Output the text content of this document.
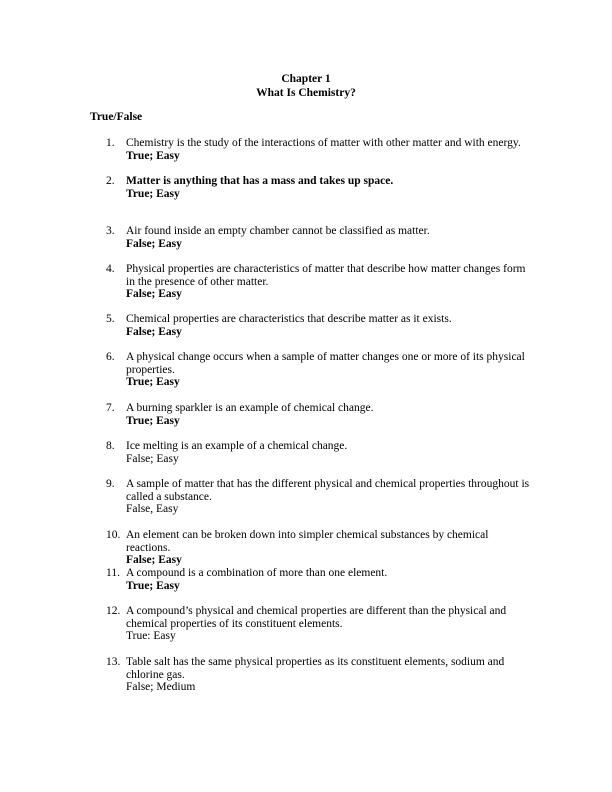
Chapter 1
What Is Chemistry?
True/False
1. Chemistry is the study of the interactions of matter with other matter and with energy.
True; Easy
2. Matter is anything that has a mass and takes up space.
True; Easy
3. Air found inside an empty chamber cannot be classified as matter.
False; Easy
4. Physical properties are characteristics of matter that describe how matter changes form in the presence of other matter.
False; Easy
5. Chemical properties are characteristics that describe matter as it exists.
False; Easy
6. A physical change occurs when a sample of matter changes one or more of its physical properties.
True; Easy
7. A burning sparkler is an example of chemical change.
True; Easy
8. Ice melting is an example of a chemical change.
False; Easy
9. A sample of matter that has the different physical and chemical properties throughout is called a substance.
False, Easy
10. An element can be broken down into simpler chemical substances by chemical reactions.
False; Easy
11. A compound is a combination of more than one element.
True; Easy
12. A compound’s physical and chemical properties are different than the physical and chemical properties of its constituent elements.
True: Easy
13. Table salt has the same physical properties as its constituent elements, sodium and chlorine gas.
False; Medium
